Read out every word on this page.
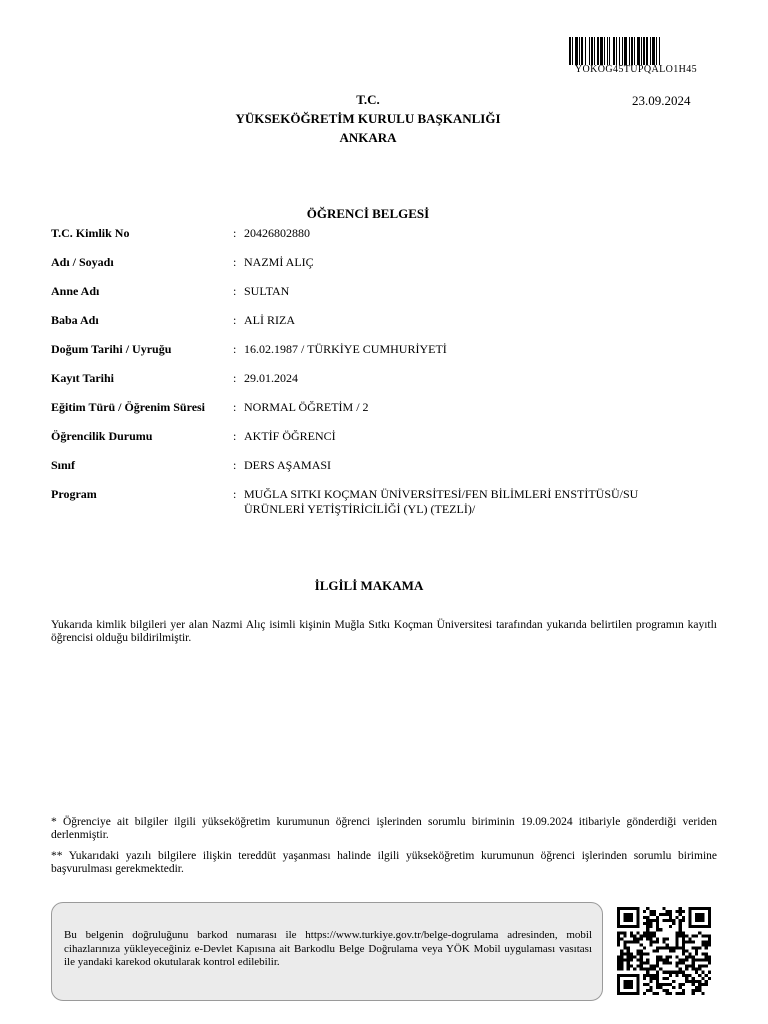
YOKOG45TUPQALO1H45
23.09.2024
T.C.
YÜKSEKÖĞRETİM KURULU BAŞKANLIĞI
ANKARA
ÖĞRENCİ BELGESİ
T.C. Kimlik No	: 20426802880
Adı / Soyadı	: NAZMİ ALIÇ
Anne Adı	: SULTAN
Baba Adı	: ALİ RIZA
Doğum Tarihi / Uyruğu	: 16.02.1987 / TÜRKİYE CUMHURİYETİ
Kayıt Tarihi	: 29.01.2024
Eğitim Türü / Öğrenim Süresi	: NORMAL ÖĞRETİM / 2
Öğrencilik Durumu	: AKTİF ÖĞRENCİ
Sınıf	: DERS AŞAMASI
Program	: MUĞLA SITKI KOÇMAN ÜNİVERSİTESİ/FEN BİLİMLERİ ENSTİTÜSÜ/SU ÜRÜNLERİ YETİŞTİRİCİLİĞİ (YL) (TEZLİ)/
İLGİLİ MAKAMA
Yukarıda kimlik bilgileri yer alan Nazmi Alıç isimli kişinin Muğla Sıtkı Koçman Üniversitesi tarafından yukarıda belirtilen programın kayıtlı öğrencisi olduğu bildirilmiştir.
* Öğrenciye ait bilgiler ilgili yükseköğretim kurumunun öğrenci işlerinden sorumlu biriminin 19.09.2024 itibariyle gönderdiği veriden derlenmiştir.
** Yukarıdaki yazılı bilgilere ilişkin tereddüt yaşanması halinde ilgili yükseköğretim kurumunun öğrenci işlerinden sorumlu birimine başvurulması gerekmektedir.
Bu belgenin doğruluğunu barkod numarası ile https://www.turkiye.gov.tr/belge-dogrulama adresinden, mobil cihazlarınıza yükleyeceğiniz e-Devlet Kapısına ait Barkodlu Belge Doğrulama veya YÖK Mobil uygulaması vasıtası ile yandaki karekod okutularak kontrol edilebilir.
